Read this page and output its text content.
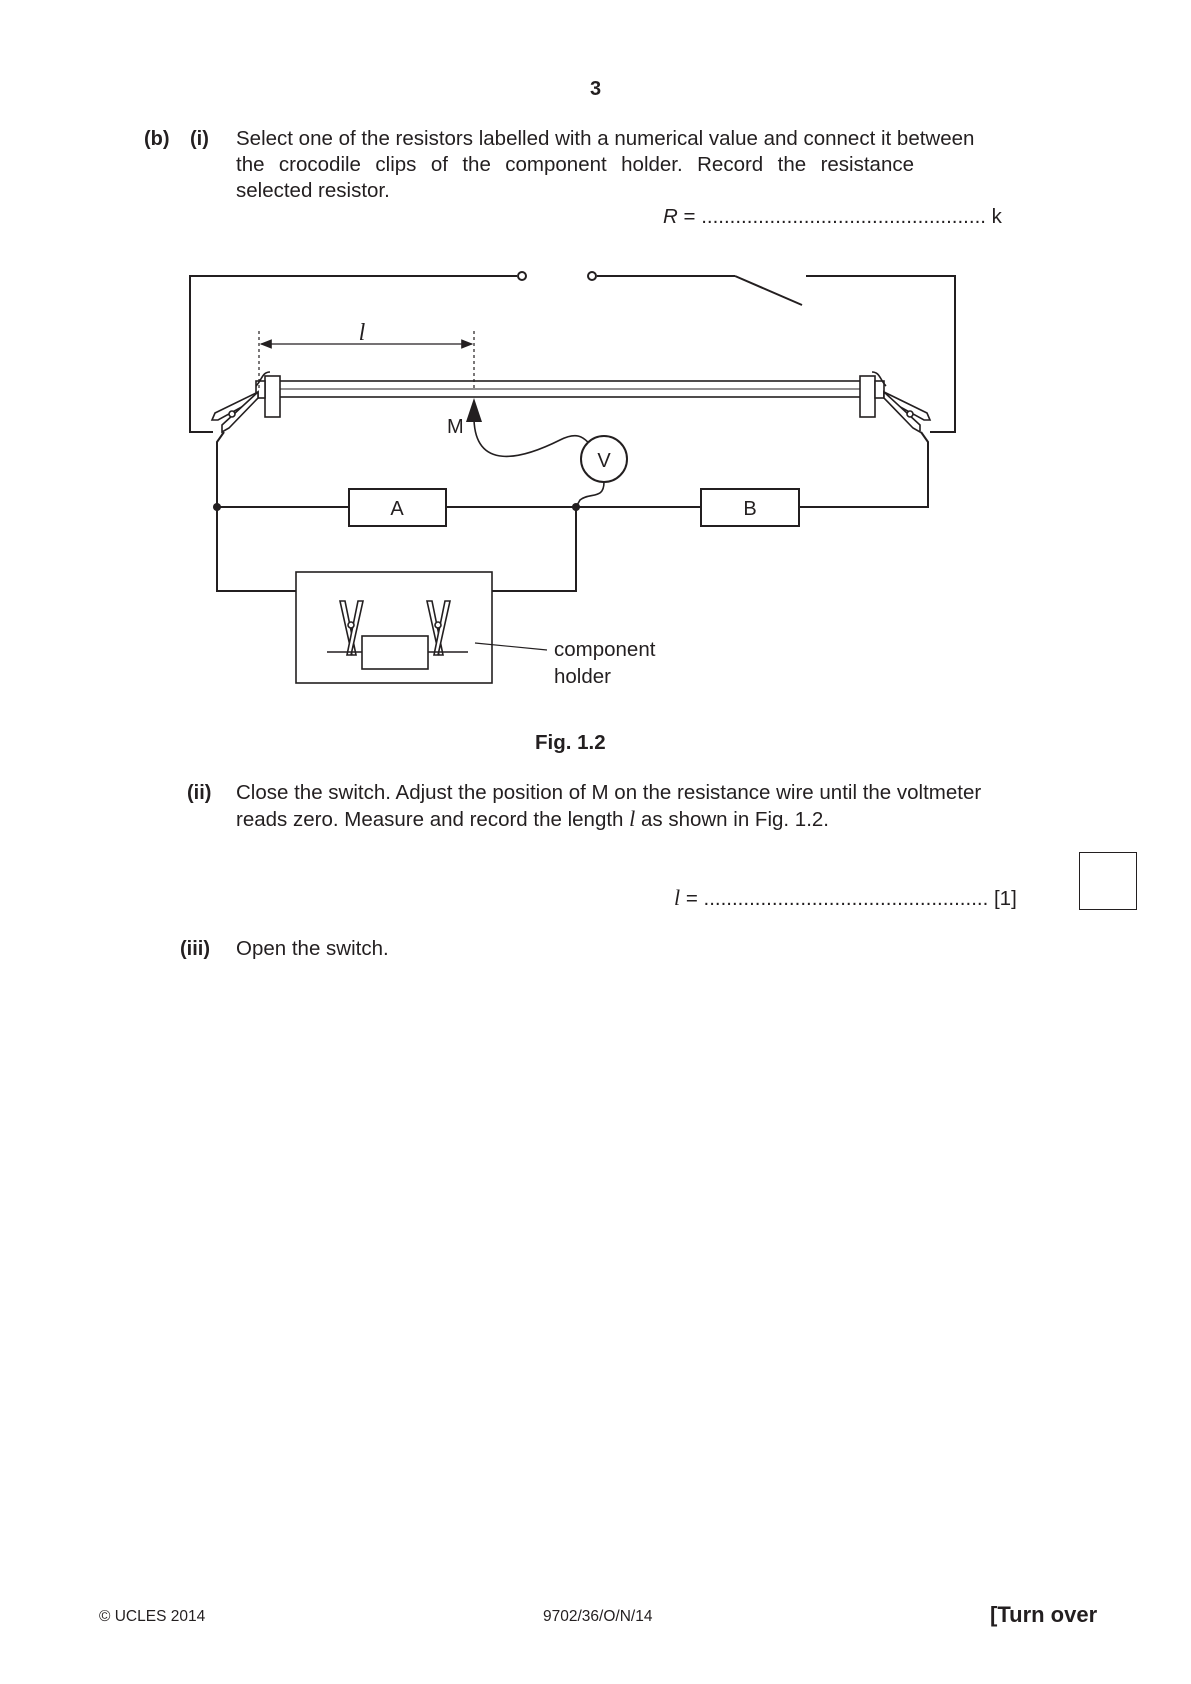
3
(b) (i) Select one of the resistors labelled with a numerical value and connect it between
the crocodile clips of the component holder. Record the resistance
selected resistor.
R = .................................................. k
l
M
V
A	B
component
holder
Fig. 1.2
(ii) Close the switch. Adjust the position of M on the resistance wire until the voltmeter
reads zero. Measure and record the length l as shown in Fig. 1.2.
l = .................................................. [1]
(iii) Open the switch.
© UCLES 2014	9702/36/O/N/14	[Turn over
